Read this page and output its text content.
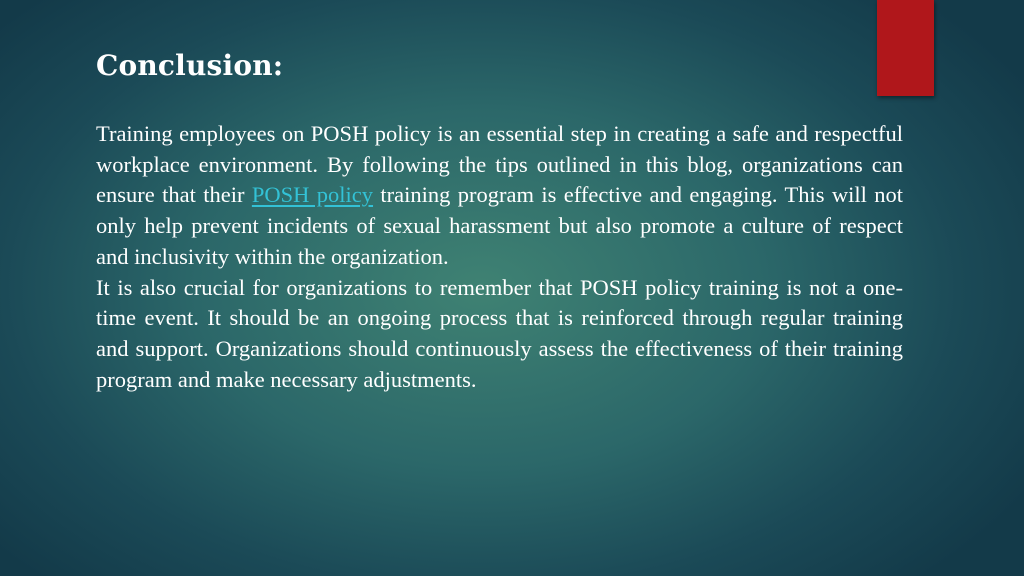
Conclusion:

Training employees on POSH policy is an essential step in creating a safe and respectful workplace environment. By following the tips outlined in this blog, organizations can ensure that their POSH policy training program is effective and engaging. This will not only help prevent incidents of sexual harassment but also promote a culture of respect and inclusivity within the organization.

It is also crucial for organizations to remember that POSH policy training is not a one-time event. It should be an ongoing process that is reinforced through regular training and support. Organizations should continuously assess the effectiveness of their training program and make necessary adjustments.
